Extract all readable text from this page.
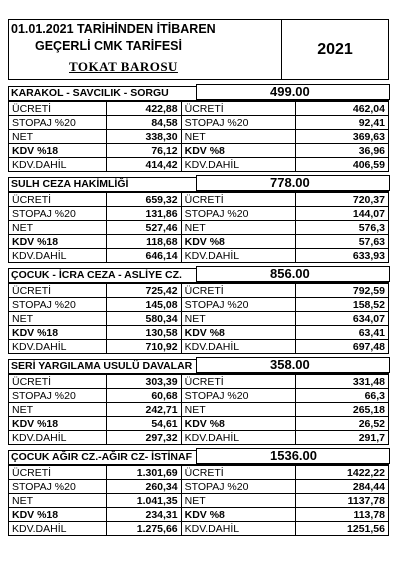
01.01.2021 TARİHİNDEN İTİBAREN
GEÇERLİ CMK TARİFESİ
TOKAT BAROSU
2021
KARAKOL - SAVCILIK - SORGU	499.00
ÜCRETİ	422,88	ÜCRETİ	462,04
STOPAJ %20	84,58	STOPAJ %20	92,41
NET	338,30	NET	369,63
KDV %18	76,12	KDV %8	36,96
KDV.DAHİL	414,42	KDV.DAHİL	406,59
SULH CEZA HAKİMLİĞİ	778.00
ÜCRETİ	659,32	ÜCRETİ	720,37
STOPAJ %20	131,86	STOPAJ %20	144,07
NET	527,46	NET	576,3
KDV %18	118,68	KDV %8	57,63
KDV.DAHİL	646,14	KDV.DAHİL	633,93
ÇOCUK - İCRA CEZA - ASLİYE CZ.	856.00
ÜCRETİ	725,42	ÜCRETİ	792,59
STOPAJ %20	145,08	STOPAJ %20	158,52
NET	580,34	NET	634,07
KDV %18	130,58	KDV %8	63,41
KDV.DAHİL	710,92	KDV.DAHİL	697,48
SERİ YARGILAMA USULÜ DAVALAR	358.00
ÜCRETİ	303,39	ÜCRETİ	331,48
STOPAJ %20	60,68	STOPAJ %20	66,3
NET	242,71	NET	265,18
KDV %18	54,61	KDV %8	26,52
KDV.DAHİL	297,32	KDV.DAHİL	291,7
ÇOCUK AĞIR CZ.-AĞIR CZ- İSTİNAF	1536.00
ÜCRETİ	1.301,69	ÜCRETİ	1422,22
STOPAJ %20	260,34	STOPAJ %20	284,44
NET	1.041,35	NET	1137,78
KDV %18	234,31	KDV %8	113,78
KDV.DAHİL	1.275,66	KDV.DAHİL	1251,56
